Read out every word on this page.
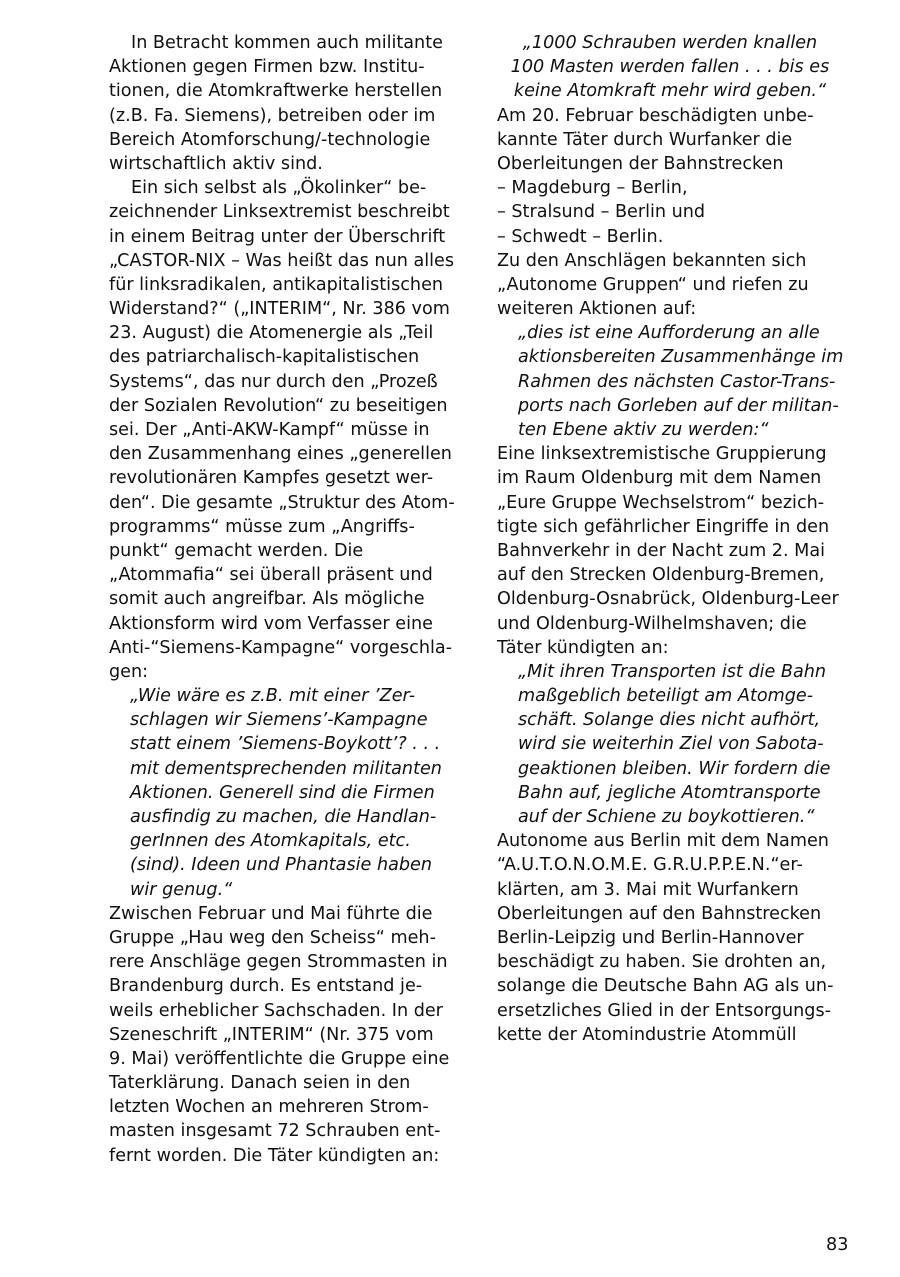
In Betracht kommen auch militante
Aktionen gegen Firmen bzw. Institu-
tionen, die Atomkraftwerke herstellen
(z.B. Fa. Siemens), betreiben oder im
Bereich Atomforschung/-technologie
wirtschaftlich aktiv sind.
Ein sich selbst als „Ökolinker“ be-
zeichnender Linksextremist beschreibt
in einem Beitrag unter der Überschrift
„CASTOR-NIX – Was heißt das nun alles
für linksradikalen, antikapitalistischen
Widerstand?“ („INTERIM“, Nr. 386 vom
23. August) die Atomenergie als „Teil
des patriarchalisch-kapitalistischen
Systems“, das nur durch den „Prozeß
der Sozialen Revolution“ zu beseitigen
sei. Der „Anti-AKW-Kampf“ müsse in
den Zusammenhang eines „generellen
revolutionären Kampfes gesetzt wer-
den“. Die gesamte „Struktur des Atom-
programms“ müsse zum „Angriffs-
punkt“ gemacht werden. Die
„Atommafia“ sei überall präsent und
somit auch angreifbar. Als mögliche
Aktionsform wird vom Verfasser eine
Anti-“Siemens-Kampagne“ vorgeschla-
gen:
„Wie wäre es z.B. mit einer ’Zer-
schlagen wir Siemens’-Kampagne
statt einem ’Siemens-Boykott’? . . .
mit dementsprechenden militanten
Aktionen. Generell sind die Firmen
ausfindig zu machen, die Handlan-
gerInnen des Atomkapitals, etc.
(sind). Ideen und Phantasie haben
wir genug.“
Zwischen Februar und Mai führte die
Gruppe „Hau weg den Scheiss“ meh-
rere Anschläge gegen Strommasten in
Brandenburg durch. Es entstand je-
weils erheblicher Sachschaden. In der
Szeneschrift „INTERIM“ (Nr. 375 vom
9. Mai) veröffentlichte die Gruppe eine
Taterklärung. Danach seien in den
letzten Wochen an mehreren Strom-
masten insgesamt 72 Schrauben ent-
fernt worden. Die Täter kündigten an:
„1000 Schrauben werden knallen
100 Masten werden fallen . . . bis es
keine Atomkraft mehr wird geben.“
Am 20. Februar beschädigten unbe-
kannte Täter durch Wurfanker die
Oberleitungen der Bahnstrecken
– Magdeburg – Berlin,
– Stralsund – Berlin und
– Schwedt – Berlin.
Zu den Anschlägen bekannten sich
„Autonome Gruppen“ und riefen zu
weiteren Aktionen auf:
„dies ist eine Aufforderung an alle
aktionsbereiten Zusammenhänge im
Rahmen des nächsten Castor-Trans-
ports nach Gorleben auf der militan-
ten Ebene aktiv zu werden:“
Eine linksextremistische Gruppierung
im Raum Oldenburg mit dem Namen
„Eure Gruppe Wechselstrom“ bezich-
tigte sich gefährlicher Eingriffe in den
Bahnverkehr in der Nacht zum 2. Mai
auf den Strecken Oldenburg-Bremen,
Oldenburg-Osnabrück, Oldenburg-Leer
und Oldenburg-Wilhelmshaven; die
Täter kündigten an:
„Mit ihren Transporten ist die Bahn
maßgeblich beteiligt am Atomge-
schäft. Solange dies nicht aufhört,
wird sie weiterhin Ziel von Sabota-
geaktionen bleiben. Wir fordern die
Bahn auf, jegliche Atomtransporte
auf der Schiene zu boykottieren.“
Autonome aus Berlin mit dem Namen
“A.U.T.O.N.O.M.E. G.R.U.P.P.E.N.“er-
klärten, am 3. Mai mit Wurfankern
Oberleitungen auf den Bahnstrecken
Berlin-Leipzig und Berlin-Hannover
beschädigt zu haben. Sie drohten an,
solange die Deutsche Bahn AG als un-
ersetzliches Glied in der Entsorgungs-
kette der Atomindustrie Atommüll
83
